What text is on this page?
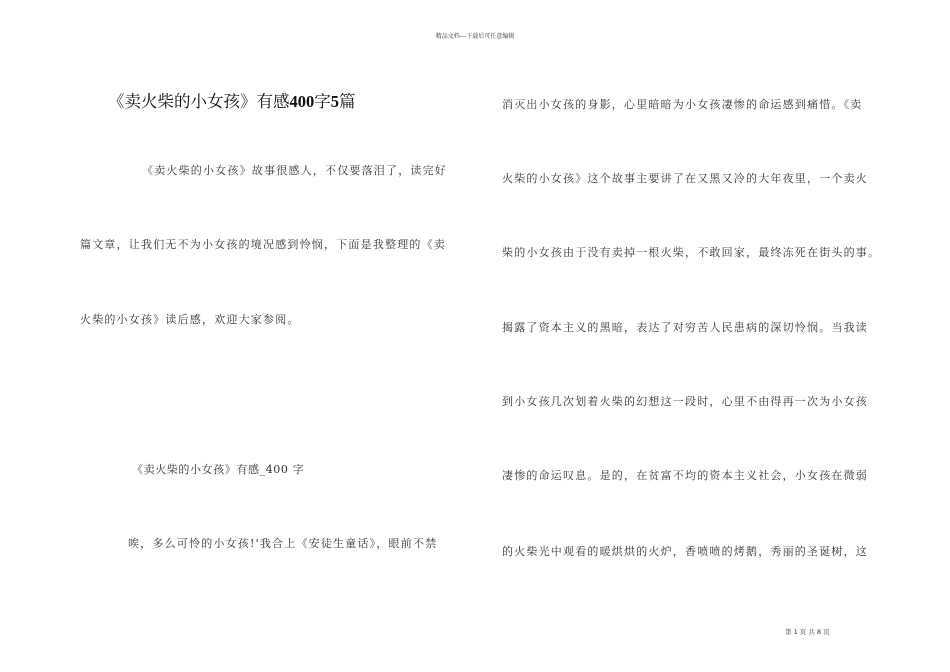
精品文档---下载后可任意编辑
《卖火柴的小女孩》有感400字5篇
《卖火柴的小女孩》故事很感人，不仅要落泪了，读完好
篇文章，让我们无不为小女孩的境况感到怜悯，下面是我整理的《卖
火柴的小女孩》读后感，欢迎大家参阅。
《卖火柴的小女孩》有感_400 字
唉，多么可怜的小女孩!'我合上《安徒生童话》，眼前不禁
消灭出小女孩的身影，心里暗暗为小女孩凄惨的命运感到痛惜。《卖
火柴的小女孩》这个故事主要讲了在又黑又冷的大年夜里，一个卖火
柴的小女孩由于没有卖掉一根火柴，不敢回家，最终冻死在街头的事。
揭露了资本主义的黑暗，表达了对穷苦人民患病的深切怜悯。当我读
到小女孩几次划着火柴的幻想这一段时，心里不由得再一次为小女孩
凄惨的命运叹息。是的，在贫富不均的资本主义社会，小女孩在微弱
的火柴光中观看的暖烘烘的火炉，香喷喷的烤鹅，秀丽的圣诞树，这
第 1 页 共 8 页
